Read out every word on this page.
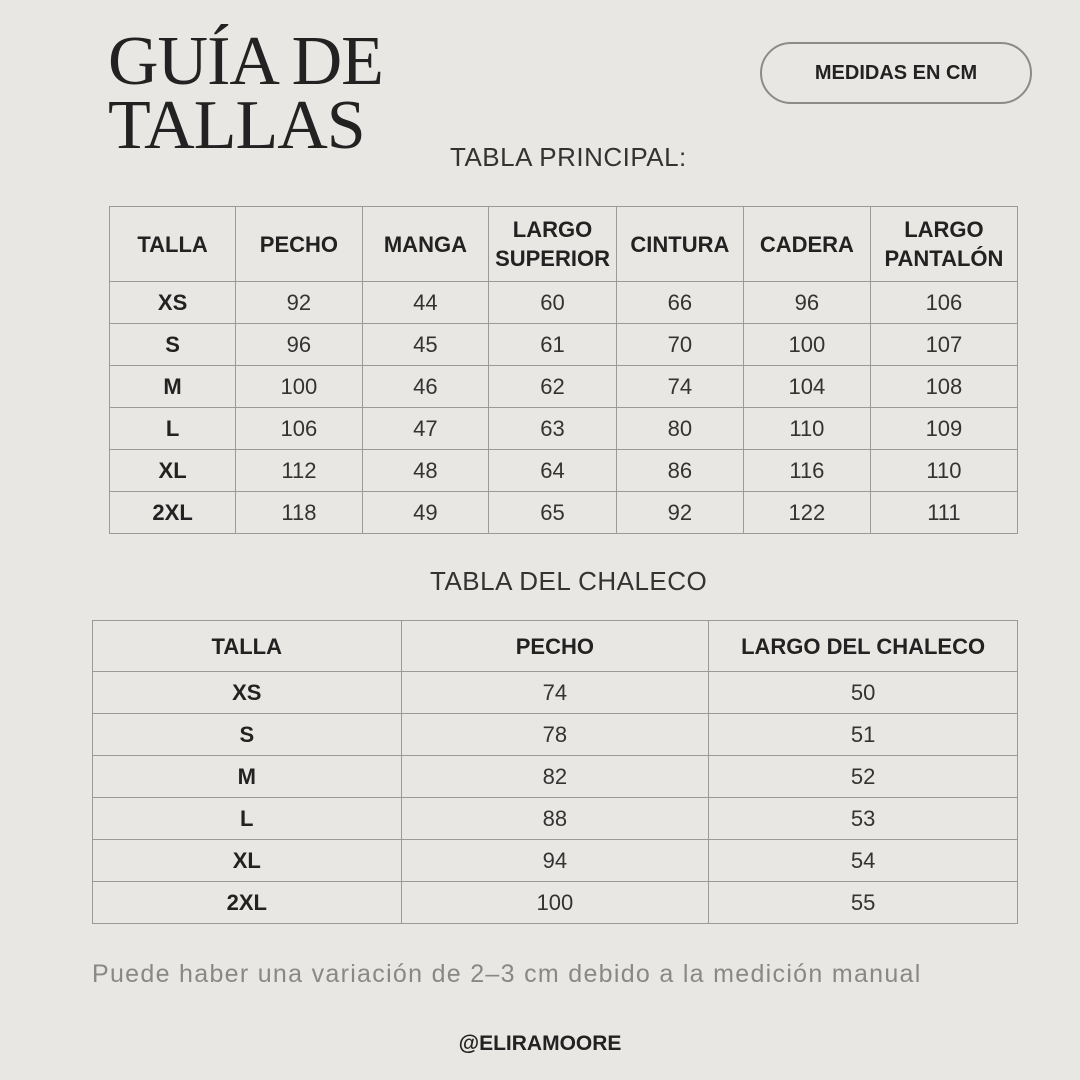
GUÍA DE
TALLAS
MEDIDAS EN CM
TABLA PRINCIPAL:
TALLA	PECHO	MANGA	LARGO SUPERIOR	CINTURA	CADERA	LARGO PANTALÓN
XS	92	44	60	66	96	106
S	96	45	61	70	100	107
M	100	46	62	74	104	108
L	106	47	63	80	110	109
XL	112	48	64	86	116	110
2XL	118	49	65	92	122	111
TABLA DEL CHALECO
TALLA	PECHO	LARGO DEL CHALECO
XS	74	50
S	78	51
M	82	52
L	88	53
XL	94	54
2XL	100	55
Puede haber una variación de 2–3 cm debido a la medición manual
@ELIRAMOORE
